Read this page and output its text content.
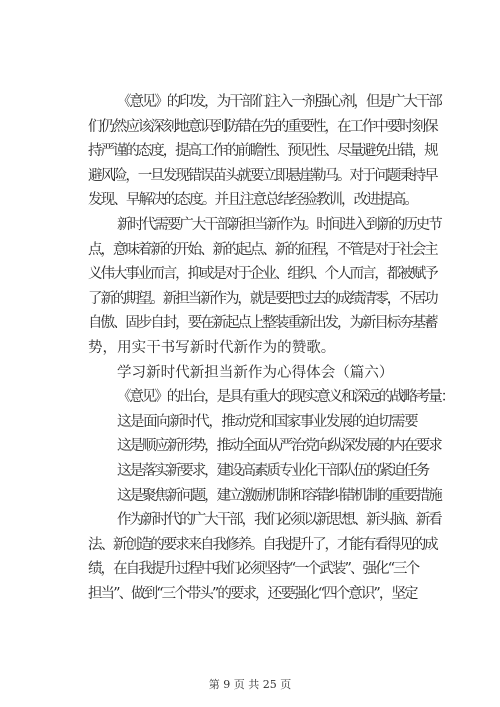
《意见》的印发，为干部们注入一剂强心剂，但是广大干部
们仍然应该深刻地意识到防错在先的重要性，在工作中要时刻保
持严谨的态度，提高工作的前瞻性、预见性、尽量避免出错，规
避风险，一旦发现错误苗头就要立即悬崖勒马。对于问题秉持早
发现、早解决的态度。并且注意总结经验教训，改进提高。
新时代需要广大干部新担当新作为。时间进入到新的历史节
点，意味着新的开始、新的起点、新的征程，不管是对于社会主
义伟大事业而言，抑或是对于企业、组织、个人而言，都被赋予
了新的期望。新担当新作为，就是要把过去的成绩清零，不居功
自傲、固步自封，要在新起点上整装重新出发，为新目标夯基蓄
势，用实干书写新时代新作为的赞歌。
学习新时代新担当新作为心得体会（篇六）
《意见》的出台，是具有重大的现实意义和深远的战略考量：
这是面向新时代，推动党和国家事业发展的迫切需要
这是顺应新形势，推动全面从严治党向纵深发展的内在要求
这是落实新要求，建设高素质专业化干部队伍的紧迫任务
这是聚焦新问题，建立激励机制和容错纠错机制的重要措施
作为新时代的广大干部，我们必须以新思想、新头脑、新看
法、新创造的要求来自我修养。自我提升了，才能有看得见的成
绩，在自我提升过程中我们必须坚持“一个武装”、强化“三个
担当”、做到“三个带头”的要求，还要强化“四个意识”，坚定
第 9 页 共 25 页
